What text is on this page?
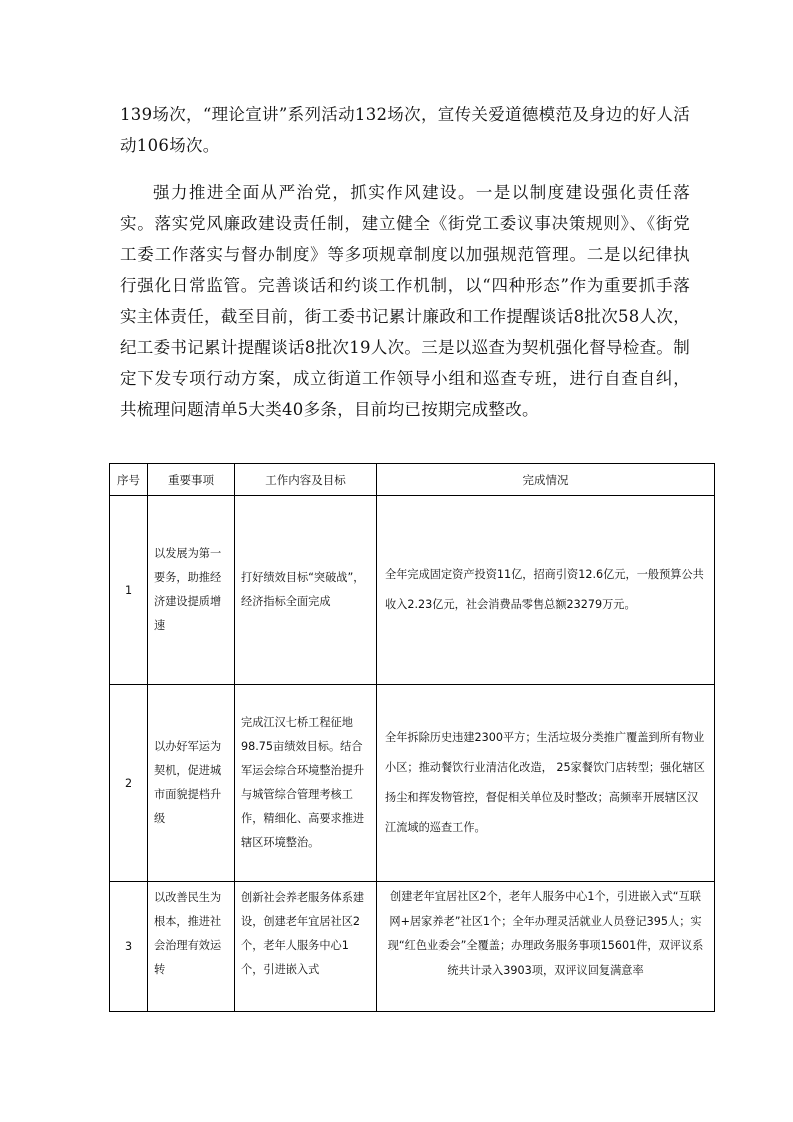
139场次，“理论宣讲”系列活动132场次，宣传关爱道德模范及身边的好人活动106场次。

强力推进全面从严治党，抓实作风建设。一是以制度建设强化责任落实。落实党风廉政建设责任制，建立健全《街党工委议事决策规则》、《街党工委工作落实与督办制度》等多项规章制度以加强规范管理。二是以纪律执行强化日常监管。完善谈话和约谈工作机制，以“四种形态”作为重要抓手落实主体责任，截至目前，街工委书记累计廉政和工作提醒谈话8批次58人次，纪工委书记累计提醒谈话8批次19人次。三是以巡查为契机强化督导检查。制定下发专项行动方案，成立街道工作领导小组和巡查专班，进行自查自纠，共梳理问题清单5大类40多条，目前均已按期完成整改。

序号	重要事项	工作内容及目标	完成情况
1	以发展为第一要务，助推经济建设提质增速	打好绩效目标“突破战”，经济指标全面完成	全年完成固定资产投资11亿，招商引资12.6亿元，一般预算公共收入2.23亿元，社会消费品零售总额23279万元。
2	以办好军运为契机，促进城市面貌提档升级	完成江汉七桥工程征地98.75亩绩效目标。结合军运会综合环境整治提升与城管综合管理考核工作，精细化、高要求推进辖区环境整治。	全年拆除历史违建2300平方；生活垃圾分类推广覆盖到所有物业小区；推动餐饮行业清洁化改造， 25家餐饮门店转型；强化辖区扬尘和挥发物管控，督促相关单位及时整改；高频率开展辖区汉江流域的巡查工作。
3	以改善民生为根本，推进社会治理有效运转	创新社会养老服务体系建设，创建老年宜居社区2个，老年人服务中心1个，引进嵌入式	创建老年宜居社区2个，老年人服务中心1个，引进嵌入式“互联网+居家养老”社区1个；全年办理灵活就业人员登记395人；实现“红色业委会”全覆盖；办理政务服务事项15601件，双评议系统共计录入3903项，双评议回复满意率
